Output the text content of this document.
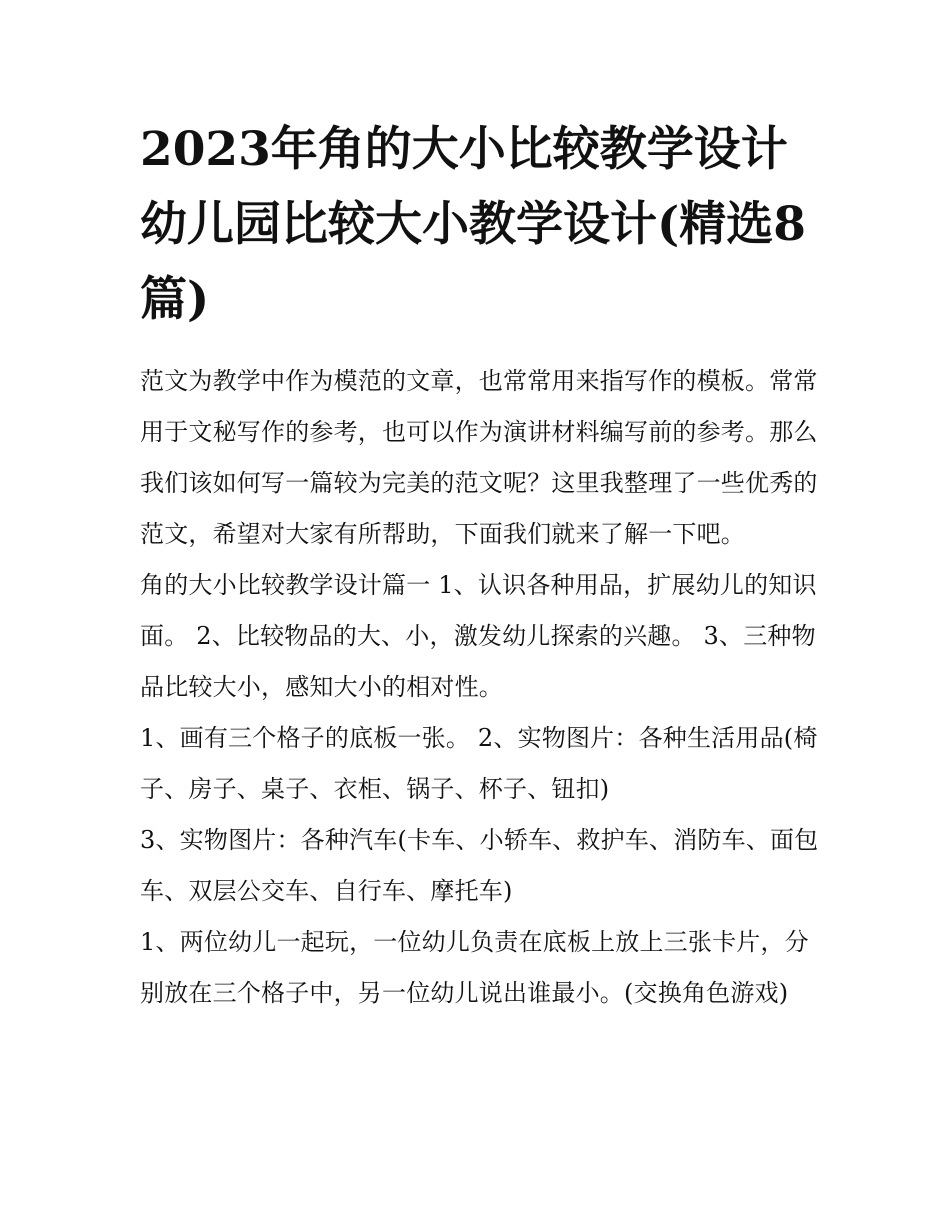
2023年角的大小比较教学设计幼儿园比较大小教学设计(精选8篇)

范文为教学中作为模范的文章，也常常用来指写作的模板。常常用于文秘写作的参考，也可以作为演讲材料编写前的参考。那么我们该如何写一篇较为完美的范文呢？这里我整理了一些优秀的范文，希望对大家有所帮助，下面我们就来了解一下吧。

角的大小比较教学设计篇一 1、认识各种用品，扩展幼儿的知识面。 2、比较物品的大、小，激发幼儿探索的兴趣。 3、三种物品比较大小，感知大小的相对性。

1、画有三个格子的底板一张。 2、实物图片：各种生活用品(椅子、房子、桌子、衣柜、锅子、杯子、钮扣)

3、实物图片：各种汽车(卡车、小轿车、救护车、消防车、面包车、双层公交车、自行车、摩托车)

1、两位幼儿一起玩，一位幼儿负责在底板上放上三张卡片，分别放在三个格子中，另一位幼儿说出谁最小。(交换角色游戏)
